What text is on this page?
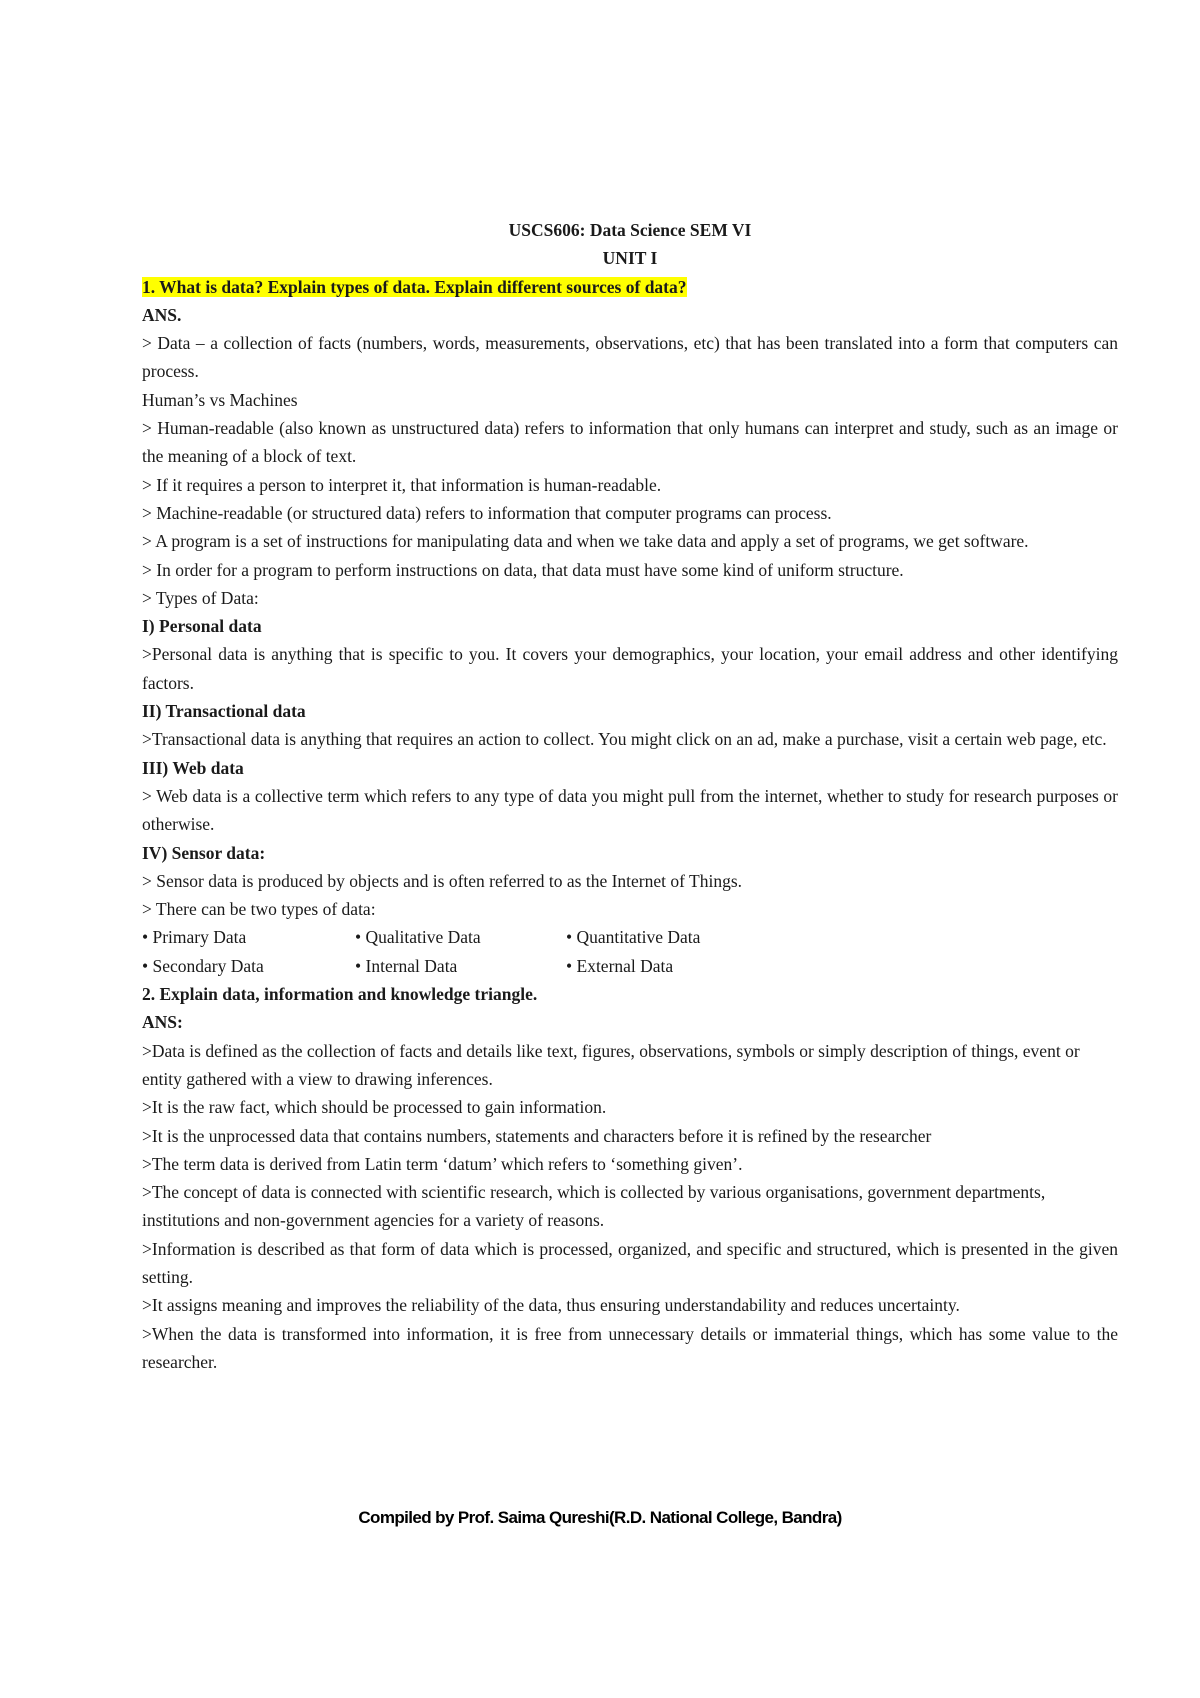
USCS606: Data Science SEM VI

UNIT I

1. What is data? Explain types of data. Explain different sources of data?

ANS.

> Data – a collection of facts (numbers, words, measurements, observations, etc) that has been translated into a form that computers can process.

Human’s vs Machines

> Human-readable (also known as unstructured data) refers to information that only humans can interpret and study, such as an image or the meaning of a block of text.

> If it requires a person to interpret it, that information is human-readable.

> Machine-readable (or structured data) refers to information that computer programs can process.

> A program is a set of instructions for manipulating data and when we take data and apply a set of programs, we get software.

> In order for a program to perform instructions on data, that data must have some kind of uniform structure.

> Types of Data:

I) Personal data

>Personal data is anything that is specific to you. It covers your demographics, your location, your email address and other identifying factors.

II) Transactional data

>Transactional data is anything that requires an action to collect. You might click on an ad, make a purchase, visit a certain web page, etc.

III) Web data

> Web data is a collective term which refers to any type of data you might pull from the internet, whether to study for research purposes or otherwise.

IV) Sensor data:

> Sensor data is produced by objects and is often referred to as the Internet of Things.

> There can be two types of data:

• Primary Data	• Qualitative Data	• Quantitative Data
• Secondary Data	• Internal Data	• External Data

2. Explain data, information and knowledge triangle.

ANS:

>Data is defined as the collection of facts and details like text, figures, observations, symbols or simply description of things, event or entity gathered with a view to drawing inferences.

>It is the raw fact, which should be processed to gain information.

>It is the unprocessed data that contains numbers, statements and characters before it is refined by the researcher

>The term data is derived from Latin term ‘datum’ which refers to ‘something given’.

>The concept of data is connected with scientific research, which is collected by various organisations, government departments, institutions and non-government agencies for a variety of reasons.

>Information is described as that form of data which is processed, organized, and specific and structured, which is presented in the given setting.

>It assigns meaning and improves the reliability of the data, thus ensuring understandability and reduces uncertainty.

>When the data is transformed into information, it is free from unnecessary details or immaterial things, which has some value to the researcher.

Compiled by Prof. Saima Qureshi(R.D. National College, Bandra)
